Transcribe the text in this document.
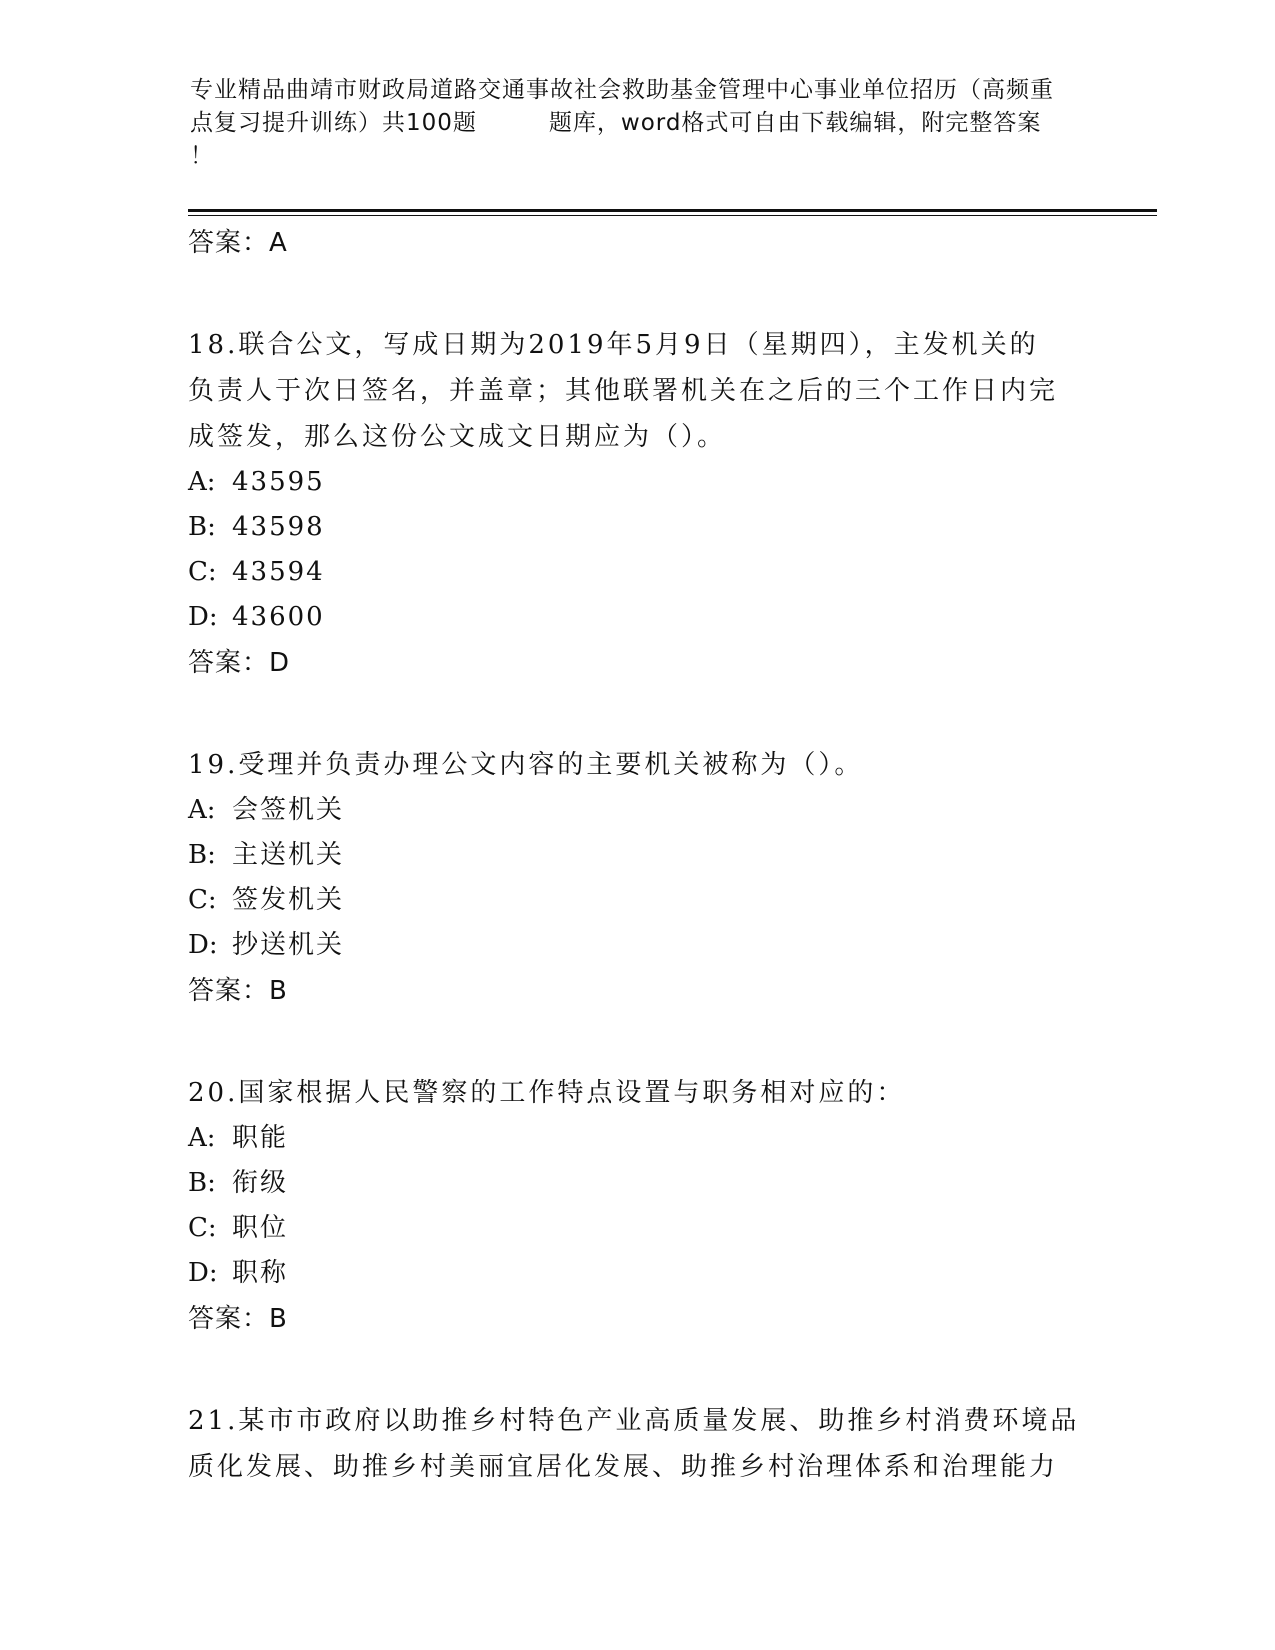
专业精品曲靖市财政局道路交通事故社会救助基金管理中心事业单位招历（高频重
点复习提升训练）共100题　　　题库，word格式可自由下载编辑，附完整答案
！
答案：A
18.联合公文，写成日期为2019年5月9日（星期四），主发机关的
负责人于次日签名，并盖章；其他联署机关在之后的三个工作日内完
成签发，那么这份公文成文日期应为（）。
A: 43595
B: 43598
C: 43594
D: 43600
答案：D
19.受理并负责办理公文内容的主要机关被称为（）。
A: 会签机关
B: 主送机关
C: 签发机关
D: 抄送机关
答案：B
20.国家根据人民警察的工作特点设置与职务相对应的：
A: 职能
B: 衔级
C: 职位
D: 职称
答案：B
21.某市市政府以助推乡村特色产业高质量发展、助推乡村消费环境品
质化发展、助推乡村美丽宜居化发展、助推乡村治理体系和治理能力
